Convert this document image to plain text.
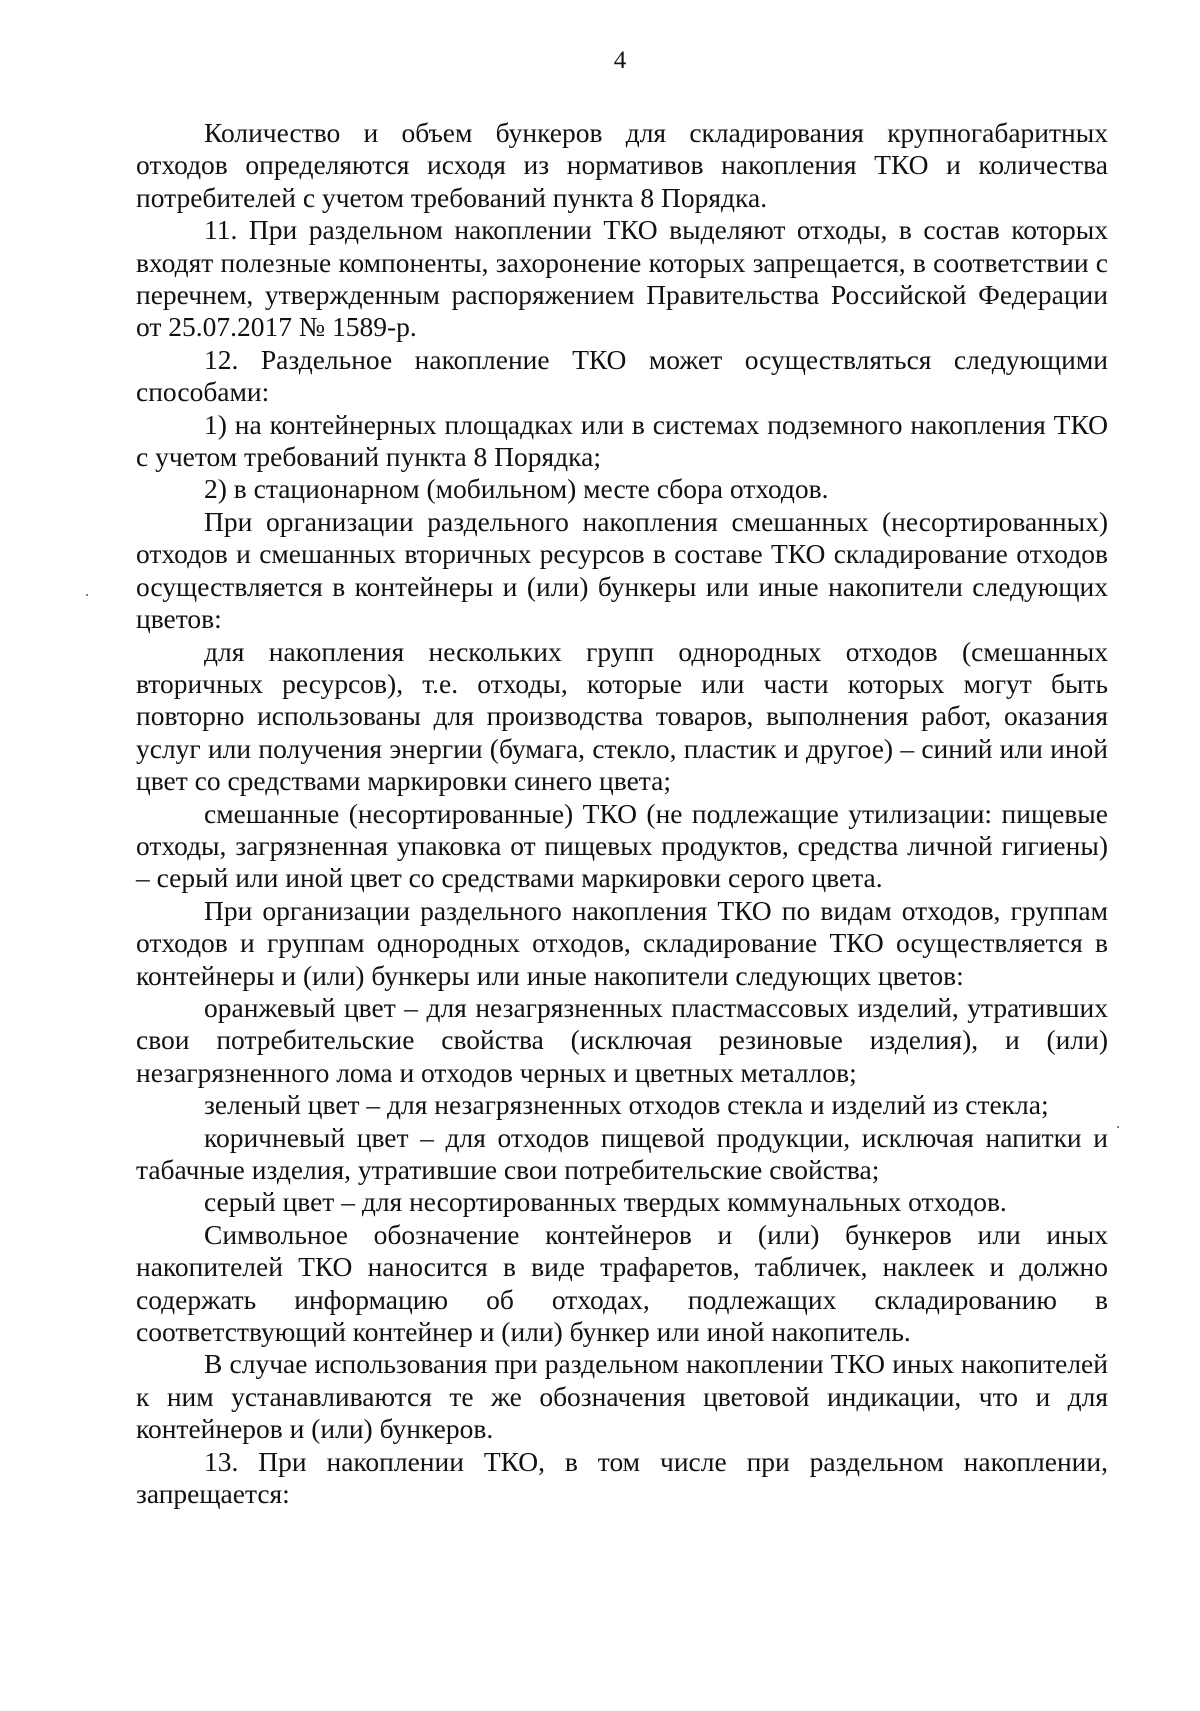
4

Количество и объем бункеров для складирования крупногабаритных отходов определяются исходя из нормативов накопления ТКО и количества потребителей с учетом требований пункта 8 Порядка.

11. При раздельном накоплении ТКО выделяют отходы, в состав которых входят полезные компоненты, захоронение которых запрещается, в соответствии с перечнем, утвержденным распоряжением Правительства Российской Федерации от 25.07.2017 № 1589-р.

12. Раздельное накопление ТКО может осуществляться следующими способами:

1) на контейнерных площадках или в системах подземного накопления ТКО с учетом требований пункта 8 Порядка;

2) в стационарном (мобильном) месте сбора отходов.

При организации раздельного накопления смешанных (несортированных) отходов и смешанных вторичных ресурсов в составе ТКО складирование отходов осуществляется в контейнеры и (или) бункеры или иные накопители следующих цветов:

для накопления нескольких групп однородных отходов (смешанных вторичных ресурсов), т.е. отходы, которые или части которых могут быть повторно использованы для производства товаров, выполнения работ, оказания услуг или получения энергии (бумага, стекло, пластик и другое) – синий или иной цвет со средствами маркировки синего цвета;

смешанные (несортированные) ТКО (не подлежащие утилизации: пищевые отходы, загрязненная упаковка от пищевых продуктов, средства личной гигиены) – серый или иной цвет со средствами маркировки серого цвета.

При организации раздельного накопления ТКО по видам отходов, группам отходов и группам однородных отходов, складирование ТКО осуществляется в контейнеры и (или) бункеры или иные накопители следующих цветов:

оранжевый цвет – для незагрязненных пластмассовых изделий, утративших свои потребительские свойства (исключая резиновые изделия), и (или) незагрязненного лома и отходов черных и цветных металлов;

зеленый цвет – для незагрязненных отходов стекла и изделий из стекла;

коричневый цвет – для отходов пищевой продукции, исключая напитки и табачные изделия, утратившие свои потребительские свойства;

серый цвет – для несортированных твердых коммунальных отходов.

Символьное обозначение контейнеров и (или) бункеров или иных накопителей ТКО наносится в виде трафаретов, табличек, наклеек и должно содержать информацию об отходах, подлежащих складированию в соответствующий контейнер и (или) бункер или иной накопитель.

В случае использования при раздельном накоплении ТКО иных накопителей к ним устанавливаются те же обозначения цветовой индикации, что и для контейнеров и (или) бункеров.

13. При накоплении ТКО, в том числе при раздельном накоплении, запрещается:
